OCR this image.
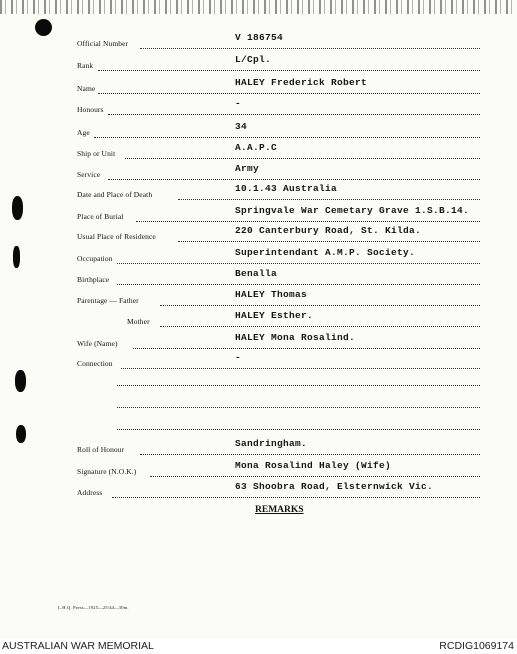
Official Number
V 186754
Rank
L/Cpl.
Name
HALEY Frederick Robert
Honours
-
Age
34
Ship or Unit
A.A.P.C
Service
Army
Date and Place of Death
10.1.43 Australia
Place of Burial
Springvale War Cemetary Grave 1.S.B.14.
Usual Place of Residence
220 Canterbury Road, St. Kilda.
Occupation
Superintendant A.M.P. Society.
Birthplace
Benalla
Parentage — Father
HALEY Thomas
Mother
HALEY Esther.
Wife (Name)
HALEY Mona Rosalind.
Connection
-
Roll of Honour
Sandringham.
Signature (N.O.K.)
Mona Rosalind Haley (Wife)
Address
63 Shoobra Road, Elsternwick Vic.
REMARKS
L.H.Q. Press—1925—25/44—30m.
AUSTRALIAN WAR MEMORIAL	RCDIG1069174
